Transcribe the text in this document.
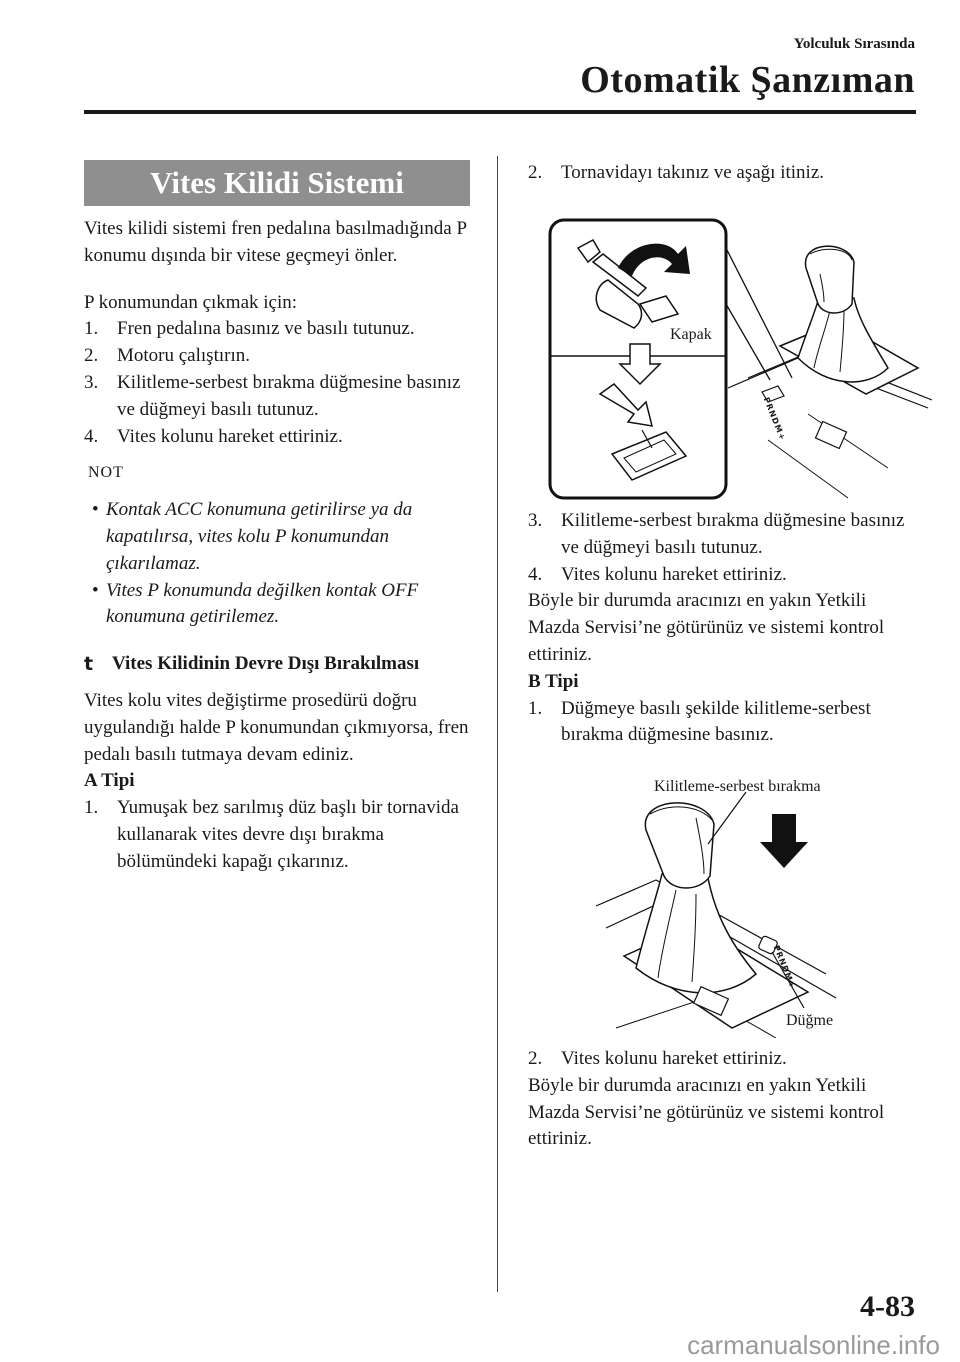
Yolculuk Sırasında
Otomatik Şanzıman
Vites Kilidi Sistemi

Vites kilidi sistemi fren pedalına basılmadığında P konumu dışında bir vitese geçmeyi önler.

P konumundan çıkmak için:

1. Fren pedalına basınız ve basılı tutunuz.
2. Motoru çalıştırın.
3. Kilitleme-serbest bırakma düğmesine basınız ve düğmeyi basılı tutunuz.
4. Vites kolunu hareket ettiriniz.

NOT

• Kontak ACC konumuna getirilirse ya da kapatılırsa, vites kolu P konumundan çıkarılamaz.
• Vites P konumunda değilken kontak OFF konumuna getirilemez.
t Vites Kilidinin Devre Dışı Bırakılması

Vites kolu vites değiştirme prosedürü doğru uygulandığı halde P konumundan çıkmıyorsa, fren pedalı basılı tutmaya devam ediniz.

A Tipi

1. Yumuşak bez sarılmış düz başlı bir tornavida kullanarak vites devre dışı bırakma bölümündeki kapağı çıkarınız.
2. Tornavidayı takınız ve aşağı itiniz.
Kapak
PRNDM+
3. Kilitleme-serbest bırakma düğmesine basınız ve düğmeyi basılı tutunuz.
4. Vites kolunu hareket ettiriniz.

Böyle bir durumda aracınızı en yakın Yetkili Mazda Servisi’ne götürünüz ve sistemi kontrol ettiriniz.

B Tipi

1. Düğmeye basılı şekilde kilitleme-serbest bırakma düğmesine basınız.
PRNDM+
Kilitleme-serbest bırakma
Düğme
2. Vites kolunu hareket ettiriniz.

Böyle bir durumda aracınızı en yakın Yetkili Mazda Servisi’ne götürünüz ve sistemi kontrol ettiriniz.

4-83
carmanualsonline.info
